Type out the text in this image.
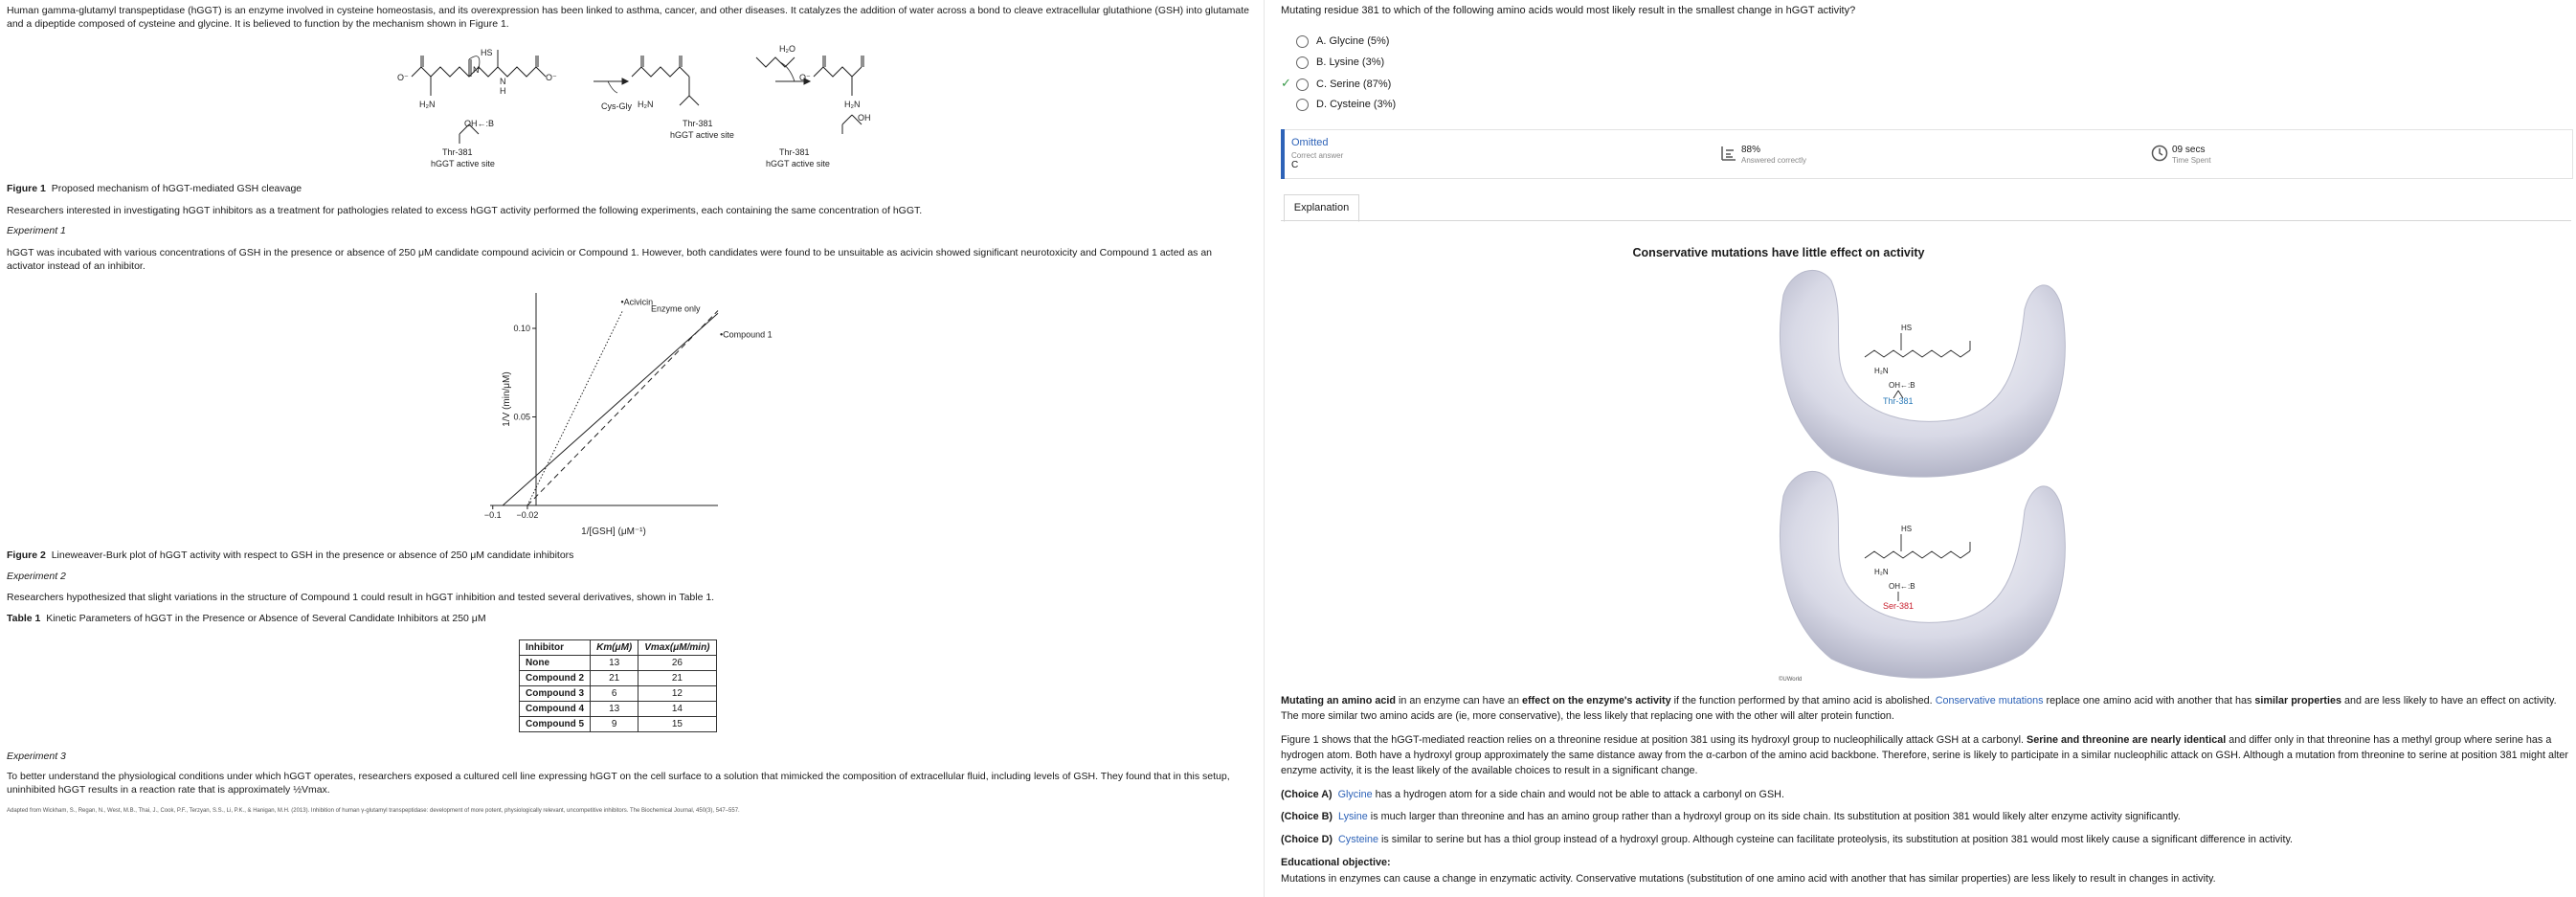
Human gamma-glutamyl transpeptidase (hGGT) is an enzyme involved in cysteine homeostasis, and its overexpression has been linked to asthma, cancer, and other diseases. It catalyzes the addition of water across a bond to cleave extracellular glutathione (GSH) into glutamate and a dipeptide composed of cysteine and glycine. It is believed to function by the mechanism shown in Figure 1.
HS
O⁻
H₂N
N
N
H
O⁻
OH←:B
Thr-381
hGGT active site
Cys-Gly H₂N
Thr-381
hGGT active site
H₂O
O⁻
H₂N
OH
Thr-381
hGGT active site
Figure 1 Proposed mechanism of hGGT-mediated GSH cleavage
Researchers interested in investigating hGGT inhibitors as a treatment for pathologies related to excess hGGT activity performed the following experiments, each containing the same concentration of hGGT.
Experiment 1
hGGT was incubated with various concentrations of GSH in the presence or absence of 250 μM candidate compound acivicin or Compound 1. However, both candidates were found to be unsuitable as acivicin showed significant neurotoxicity and Compound 1 acted as an activator instead of an inhibitor.
−0.1 −0.02
0.05
0.10
•Acivicin
Enzyme only
•Compound 1
1/[GSH] (μM⁻¹)
1/V (min/μM)
Figure 2 Lineweaver-Burk plot of hGGT activity with respect to GSH in the presence or absence of 250 μM candidate inhibitors
Experiment 2
Researchers hypothesized that slight variations in the structure of Compound 1 could result in hGGT inhibition and tested several derivatives, shown in Table 1.
Table 1 Kinetic Parameters of hGGT in the Presence or Absence of Several Candidate Inhibitors at 250 μM
Inhibitor	Km(μM)	Vmax(μM/min)
None	13	26
Compound 2	21	21
Compound 3	6	12
Compound 4	13	14
Compound 5	9	15
Experiment 3
To better understand the physiological conditions under which hGGT operates, researchers exposed a cultured cell line expressing hGGT on the cell surface to a solution that mimicked the composition of extracellular fluid, including levels of GSH. They found that in this setup, uninhibited hGGT results in a reaction rate that is approximately ½Vmax.
Adapted from Wickham, S., Regan, N., West, M.B., Thai, J., Cook, P.F., Terzyan, S.S., Li, P.K., & Hanigan, M.H. (2013). Inhibition of human γ-glutamyl transpeptidase: development of more potent, physiologically relevant, uncompetitive inhibitors. The Biochemical Journal, 450(3), 547–557.
Mutating residue 381 to which of the following amino acids would most likely result in the smallest change in hGGT activity?
A. Glycine (5%)
B. Lysine (3%)
✓ C. Serine (87%)
D. Cysteine (3%)
Omitted
Correct answer
C
88%
Answered correctly
09 secs
Time Spent
Explanation
Conservative mutations have little effect on activity
HS
H₂N
OH←:B
HS
H₂N
OH←:B
Thr-381
Ser-381
©UWorld
Mutating an amino acid in an enzyme can have an effect on the enzyme's activity if the function performed by that amino acid is abolished. Conservative mutations replace one amino acid with another that has similar properties and are less likely to have an effect on activity. The more similar two amino acids are (ie, more conservative), the less likely that replacing one with the other will alter protein function.
Figure 1 shows that the hGGT-mediated reaction relies on a threonine residue at position 381 using its hydroxyl group to nucleophilically attack GSH at a carbonyl. Serine and threonine are nearly identical and differ only in that threonine has a methyl group where serine has a hydrogen atom. Both have a hydroxyl group approximately the same distance away from the α-carbon of the amino acid backbone. Therefore, serine is likely to participate in a similar nucleophilic attack on GSH. Although a mutation from threonine to serine at position 381 might alter enzyme activity, it is the least likely of the available choices to result in a significant change.
(Choice A) Glycine has a hydrogen atom for a side chain and would not be able to attack a carbonyl on GSH.
(Choice B) Lysine is much larger than threonine and has an amino group rather than a hydroxyl group on its side chain. Its substitution at position 381 would likely alter enzyme activity significantly.
(Choice D) Cysteine is similar to serine but has a thiol group instead of a hydroxyl group. Although cysteine can facilitate proteolysis, its substitution at position 381 would most likely cause a significant difference in activity.
Educational objective:
Mutations in enzymes can cause a change in enzymatic activity. Conservative mutations (substitution of one amino acid with another that has similar properties) are less likely to result in changes in activity.
